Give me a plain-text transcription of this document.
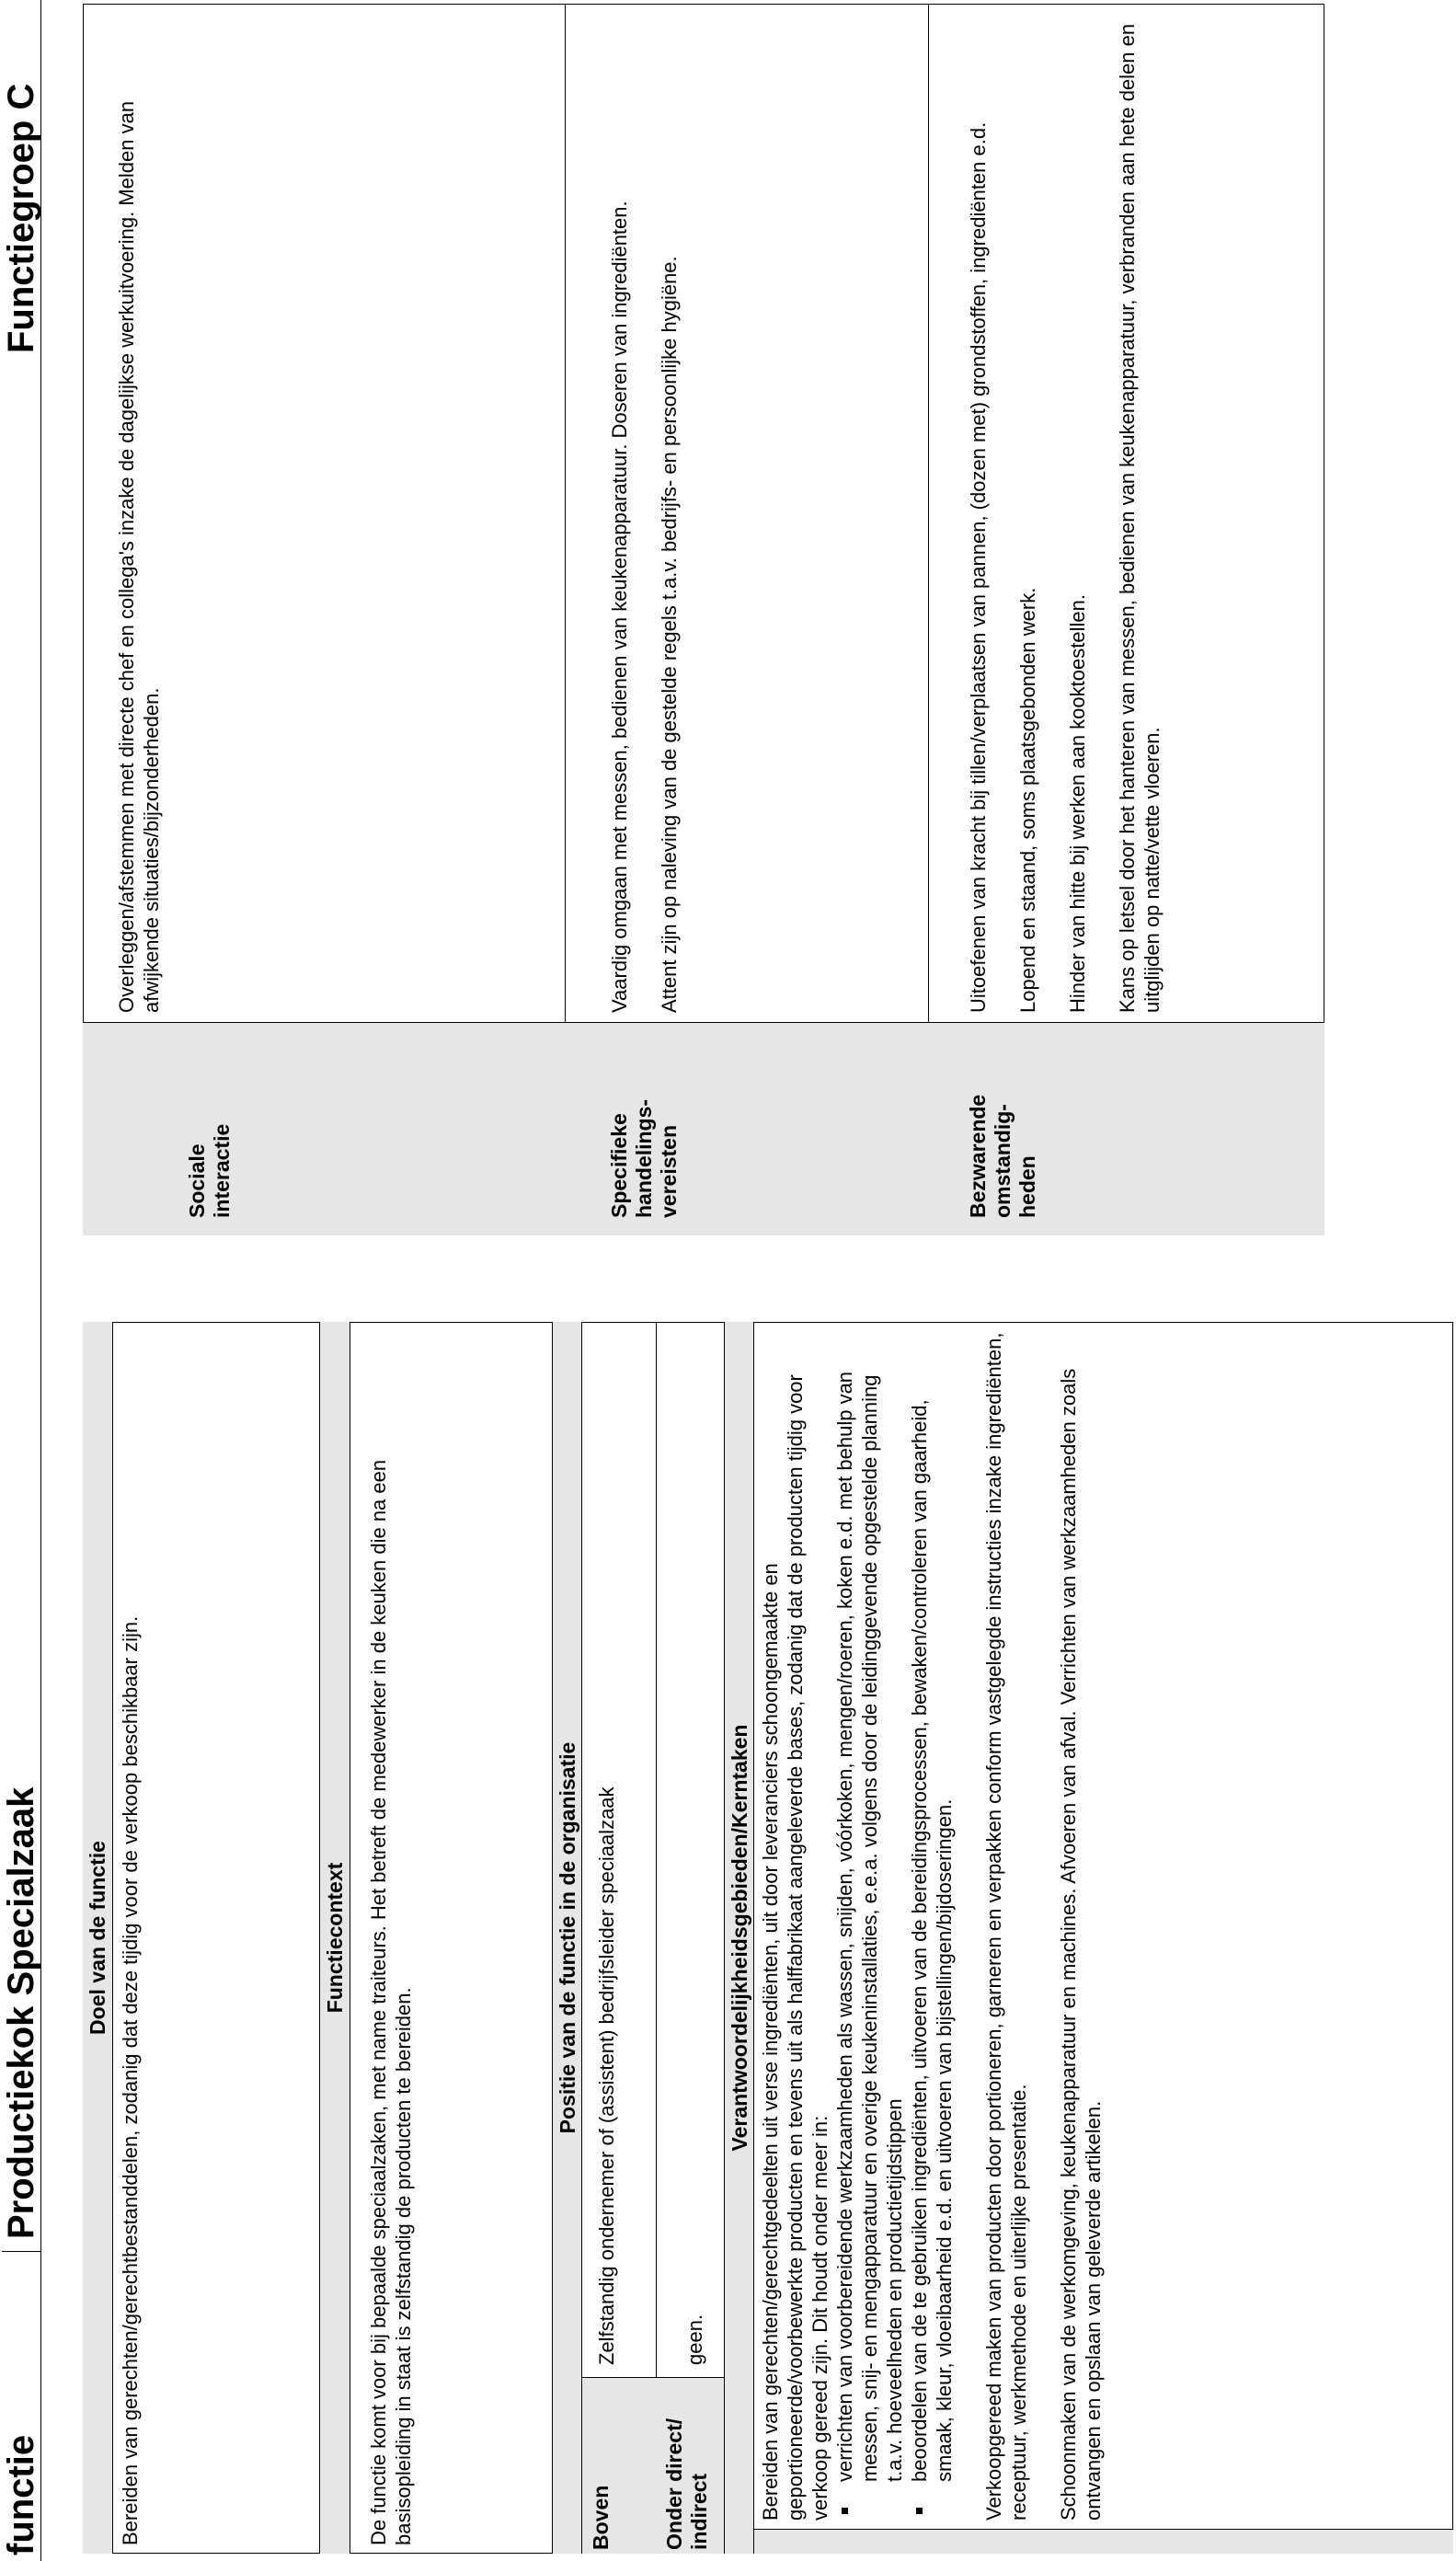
functie
Productiekok Specialzaak
Functiegroep C
Doel van de functie Bereiden van gerechten/gerechtbestanddelen, zodanig dat deze tijdig voor de verkoop beschikbaar zijn.	Functiecontext De functie komt voor bij bepaalde speciaalzaken, met name traiteurs. Het betreft de medewerker in de keuken die na een basisopleiding in staat is zelfstandig de producten te bereiden.
Positie van de functie in de organisatie
Boven
Zelfstandig ondernemer of (assistent) bedrijfsleider speciaalzaak
Onder direct/ indirect
geen.
Verantwoordelijkheidsgebieden/Kerntaken Bereiden van gerechten/gerechtgedeelten uit verse ingrediënten, uit door leveranciers schoongemaakte en geportioneerde/voorbewerkte producten en tevens uit als halffabrikaat aangeleverde bases, zodanig dat de producten tijdig voor verkoop gereed zijn. Dit houdt onder meer in: verrichten van voorbereidende werkzaamheden als wassen, snijden, vóórkoken, mengen/roeren, koken e.d. met behulp van messen, snij- en mengapparatuur en overige keukeninstallaties, e.e.a. volgens door de leidinggevende opgestelde planning t.a.v. hoeveelheden en productietijdstippen beoordelen van de te gebruiken ingrediënten, uitvoeren van de bereidingsprocessen, bewaken/controleren van gaarheid, smaak, kleur, vloeibaarheid e.d. en uitvoeren van bijstellingen/bijdoseringen. Verkoopgereed maken van producten door portioneren, garneren en verpakken conform vastgelegde instructies inzake ingrediënten, receptuur, werkmethode en uiterlijke presentatie. Schoonmaken van de werkomgeving, keukenapparatuur en machines. Afvoeren van afval. Verrichten van werkzaamheden zoals ontvangen en opslaan van geleverde artikelen.

Sociale interactie
Overleggen/afstemmen met directe chef en collega's inzake de dagelijkse werkuitvoering. Melden van afwijkende situaties/bijzonderheden.
Specifieke handelings-vereisten

Vaardig omgaan met messen, bedienen van keukenapparatuur. Doseren van ingrediënten. Attent zijn op naleving van de gestelde regels t.a.v. bedrijfs- en persoonlijke hygiëne.

Bezwarende omstandig-heden

Uitoefenen van kracht bij tillen/verplaatsen van pannen, (dozen met) grondstoffen, ingrediënten e.d. Lopend en staand, soms plaatsgebonden werk. Hinder van hitte bij werken aan kooktoestellen. Kans op letsel door het hanteren van messen, bedienen van keukenapparatuur, verbranden aan hete delen en uitglijden op natte/vette vloeren.
